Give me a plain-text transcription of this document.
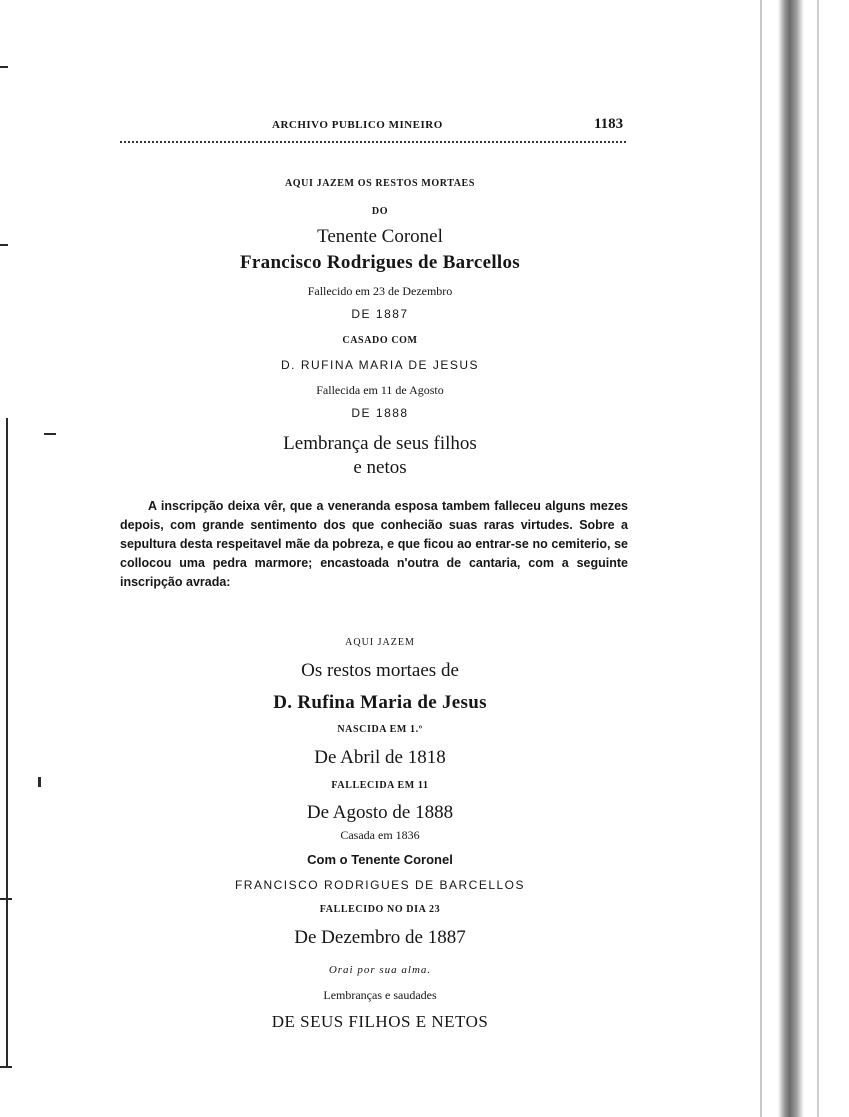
ARCHIVO PUBLICO MINEIRO	1183
AQUI JAZEM OS RESTOS MORTAES
DO
Tenente Coronel
Francisco Rodrigues de Barcellos
Fallecido em 23 de Dezembro
DE 1887
CASADO COM
D. RUFINA MARIA DE JESUS
Fallecida em 11 de Agosto
DE 1888
Lembrança de seus filhos
e netos
A inscripção deixa vêr, que a veneranda esposa tambem falleceu alguns mezes depois, com grande sentimento dos que conhecião suas raras virtudes. Sobre a sepultura desta respeitavel mãe da pobreza, e que ficou ao entrar-se no cemiterio, se collocou uma pedra marmore; encastoada n'outra de cantaria, com a seguinte inscripção avrada:
AQUI JAZEM
Os restos mortaes de
D. Rufina Maria de Jesus
NASCIDA EM 1.º
De Abril de 1818
FALLECIDA EM 11
De Agosto de 1888
Casada em 1836
Com o Tenente Coronel
FRANCISCO RODRIGUES DE BARCELLOS
FALLECIDO NO DIA 23
De Dezembro de 1887
Orai por sua alma.
Lembranças e saudades
DE SEUS FILHOS E NETOS
